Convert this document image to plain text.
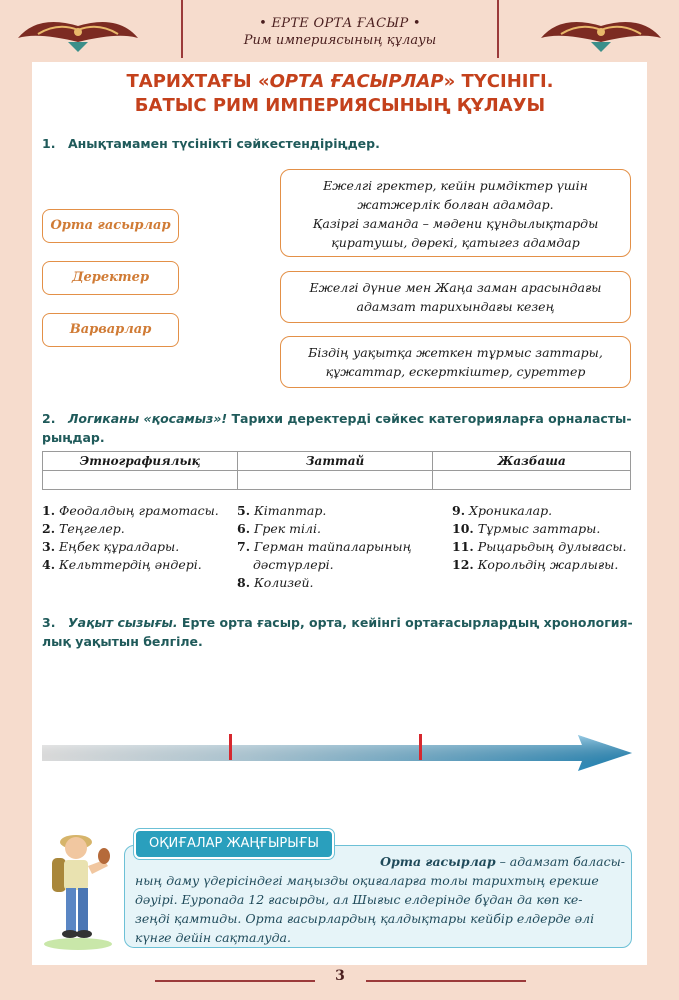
• ЕРТЕ ОРТА ҒАСЫР •
Рим империясының құлауы
ТАРИХТАҒЫ «ОРТА ҒАСЫРЛАР» ТҮСІНІГІ.
БАТЫС РИМ ИМПЕРИЯСЫНЫҢ ҚҰЛАУЫ
1. Анықтамамен түсінікті сәйкестендіріңдер.
Орта ғасырлар
Деректер
Варварлар
Ежелгі гректер, кейін римдіктер үшін
жатжерлік болған адамдар.
Қазіргі заманда – мәдени құндылықтарды
қиратушы, дөрекі, қатыгез адамдар
Ежелгі дүние мен Жаңа заман арасындағы
адамзат тарихындағы кезең
Біздің уақытқа жеткен тұрмыс заттары,
құжаттар, ескерткіштер, суреттер
2. Логиканы «қосамыз»! Тарихи деректерді сәйкес категорияларға орналасты-
рыңдар.
Этнографиялық	Заттай	Жазбаша

1. Феодалдың грамотасы.
2. Теңгелер.
3. Еңбек құралдары.
4. Кельттердің әндері.
5. Кітаптар.
6. Грек тілі.
7. Герман тайпаларының
дәстүрлері.
8. Колизей.
9. Хроникалар.
10. Тұрмыс заттары.
11. Рыцарьдың дулығасы.
12. Корольдің жарлығы.
3. Уақыт сызығы. Ерте орта ғасыр, орта, кейінгі ортағасырлардың хронология-
лық уақытын белгіле.
ОҚИҒАЛАР ЖАҢҒЫРЫҒЫ
Орта ғасырлар – адамзат баласы-
ның даму үдерісіндегі маңызды оқиғаларға толы тарихтың ерекше
дәуірі. Еуропада 12 ғасырды, ал Шығыс елдерінде бұдан да көп ке-
зеңді қамтиды. Орта ғасырлардың қалдықтары кейбір елдерде әлі
күнге дейін сақталуда.
3
